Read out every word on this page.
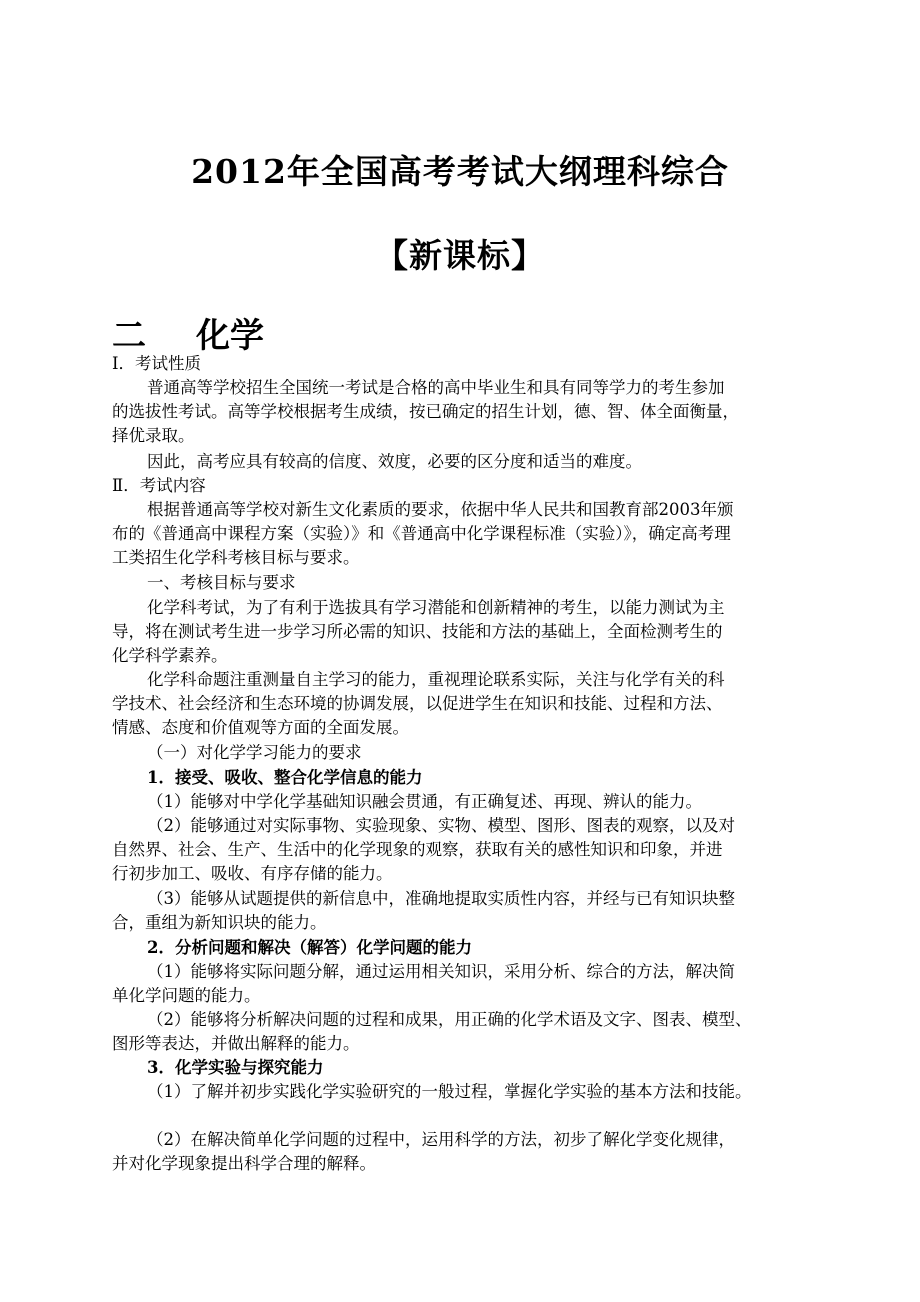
2012年全国高考考试大纲理科综合
【新课标】
二 化学
Ⅰ．考试性质
普通高等学校招生全国统一考试是合格的高中毕业生和具有同等学力的考生参加
的选拔性考试。高等学校根据考生成绩，按已确定的招生计划，德、智、体全面衡量，
择优录取。
因此，高考应具有较高的信度、效度，必要的区分度和适当的难度。
Ⅱ．考试内容
根据普通高等学校对新生文化素质的要求，依据中华人民共和国教育部2003年颁
布的《普通高中课程方案（实验）》和《普通高中化学课程标准（实验）》，确定高考理
工类招生化学科考核目标与要求。
一、考核目标与要求
化学科考试，为了有利于选拔具有学习潜能和创新精神的考生，以能力测试为主
导，将在测试考生进一步学习所必需的知识、技能和方法的基础上，全面检测考生的
化学科学素养。
化学科命题注重测量自主学习的能力，重视理论联系实际，关注与化学有关的科
学技术、社会经济和生态环境的协调发展，以促进学生在知识和技能、过程和方法、
情感、态度和价值观等方面的全面发展。
（一）对化学学习能力的要求
1．接受、吸收、整合化学信息的能力
（1）能够对中学化学基础知识融会贯通，有正确复述、再现、辨认的能力。
（2）能够通过对实际事物、实验现象、实物、模型、图形、图表的观察，以及对
自然界、社会、生产、生活中的化学现象的观察，获取有关的感性知识和印象，并进
行初步加工、吸收、有序存储的能力。
（3）能够从试题提供的新信息中，准确地提取实质性内容，并经与已有知识块整
合，重组为新知识块的能力。
2．分析问题和解决（解答）化学问题的能力
（1）能够将实际问题分解，通过运用相关知识，采用分析、综合的方法，解决简
单化学问题的能力。
（2）能够将分析解决问题的过程和成果，用正确的化学术语及文字、图表、模型、
图形等表达，并做出解释的能力。
3．化学实验与探究能力
（1）了解并初步实践化学实验研究的一般过程，掌握化学实验的基本方法和技能。
（2）在解决简单化学问题的过程中，运用科学的方法，初步了解化学变化规律，
并对化学现象提出科学合理的解释。
